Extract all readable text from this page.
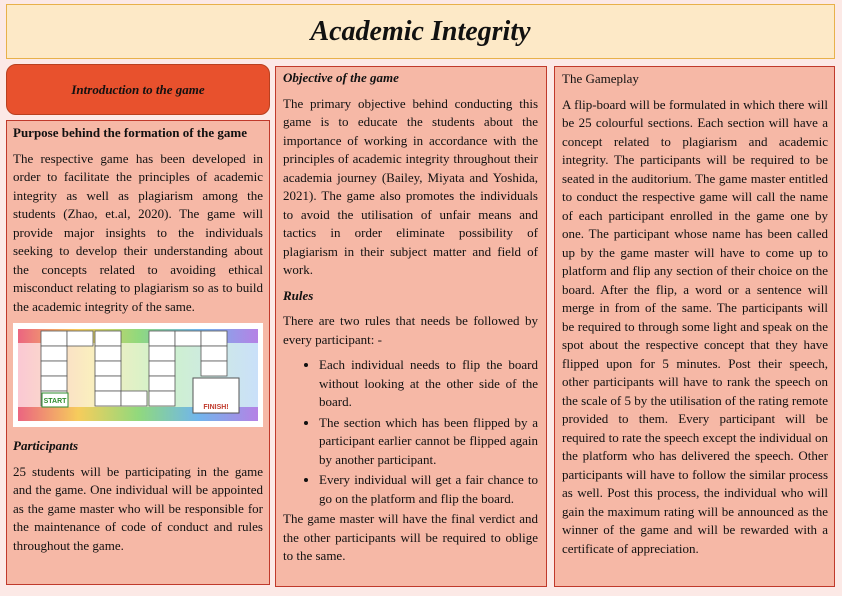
Academic Integrity
Introduction to the game

Purpose behind the formation of the game

The respective game has been developed in order to facilitate the principles of academic integrity as well as plagiarism among the students (Zhao, et.al, 2020). The game will provide major insights to the individuals seeking to develop their understanding about the concepts related to avoiding ethical misconduct relating to plagiarism so as to build the academic integrity of the same.

START
FINISH!

Participants

25 students will be participating in the game and the game. One individual will be appointed as the game master who will be responsible for the maintenance of code of conduct and rules throughout the game.

Objective of the game

The primary objective behind conducting this game is to educate the students about the importance of working in accordance with the principles of academic integrity throughout their academia journey (Bailey, Miyata and Yoshida, 2021). The game also promotes the individuals to avoid the utilisation of unfair means and tactics in order eliminate possibility of plagiarism in their subject matter and field of work.

Rules

There are two rules that needs be followed by every participant: -

• Each individual needs to flip the board without looking at the other side of the board.
• The section which has been flipped by a participant earlier cannot be flipped again by another participant.
• Every individual will get a fair chance to go on the platform and flip the board.

The game master will have the final verdict and the other participants will be required to oblige to the same.

The Gameplay

A flip-board will be formulated in which there will be 25 colourful sections. Each section will have a concept related to plagiarism and academic integrity. The participants will be required to be seated in the auditorium. The game master entitled to conduct the respective game will call the name of each participant enrolled in the game one by one. The participant whose name has been called up by the game master will have to come up to platform and flip any section of their choice on the board. After the flip, a word or a sentence will merge in from of the same. The participants will be required to through some light and speak on the spot about the respective concept that they have flipped upon for 5 minutes. Post their speech, other participants will have to rank the speech on the scale of 5 by the utilisation of the rating remote provided to them. Every participant will be required to rate the speech except the individual on the platform who has delivered the speech. Other participants will have to follow the similar process as well. Post this process, the individual who will gain the maximum rating will be announced as the winner of the game and will be rewarded with a certificate of appreciation.
